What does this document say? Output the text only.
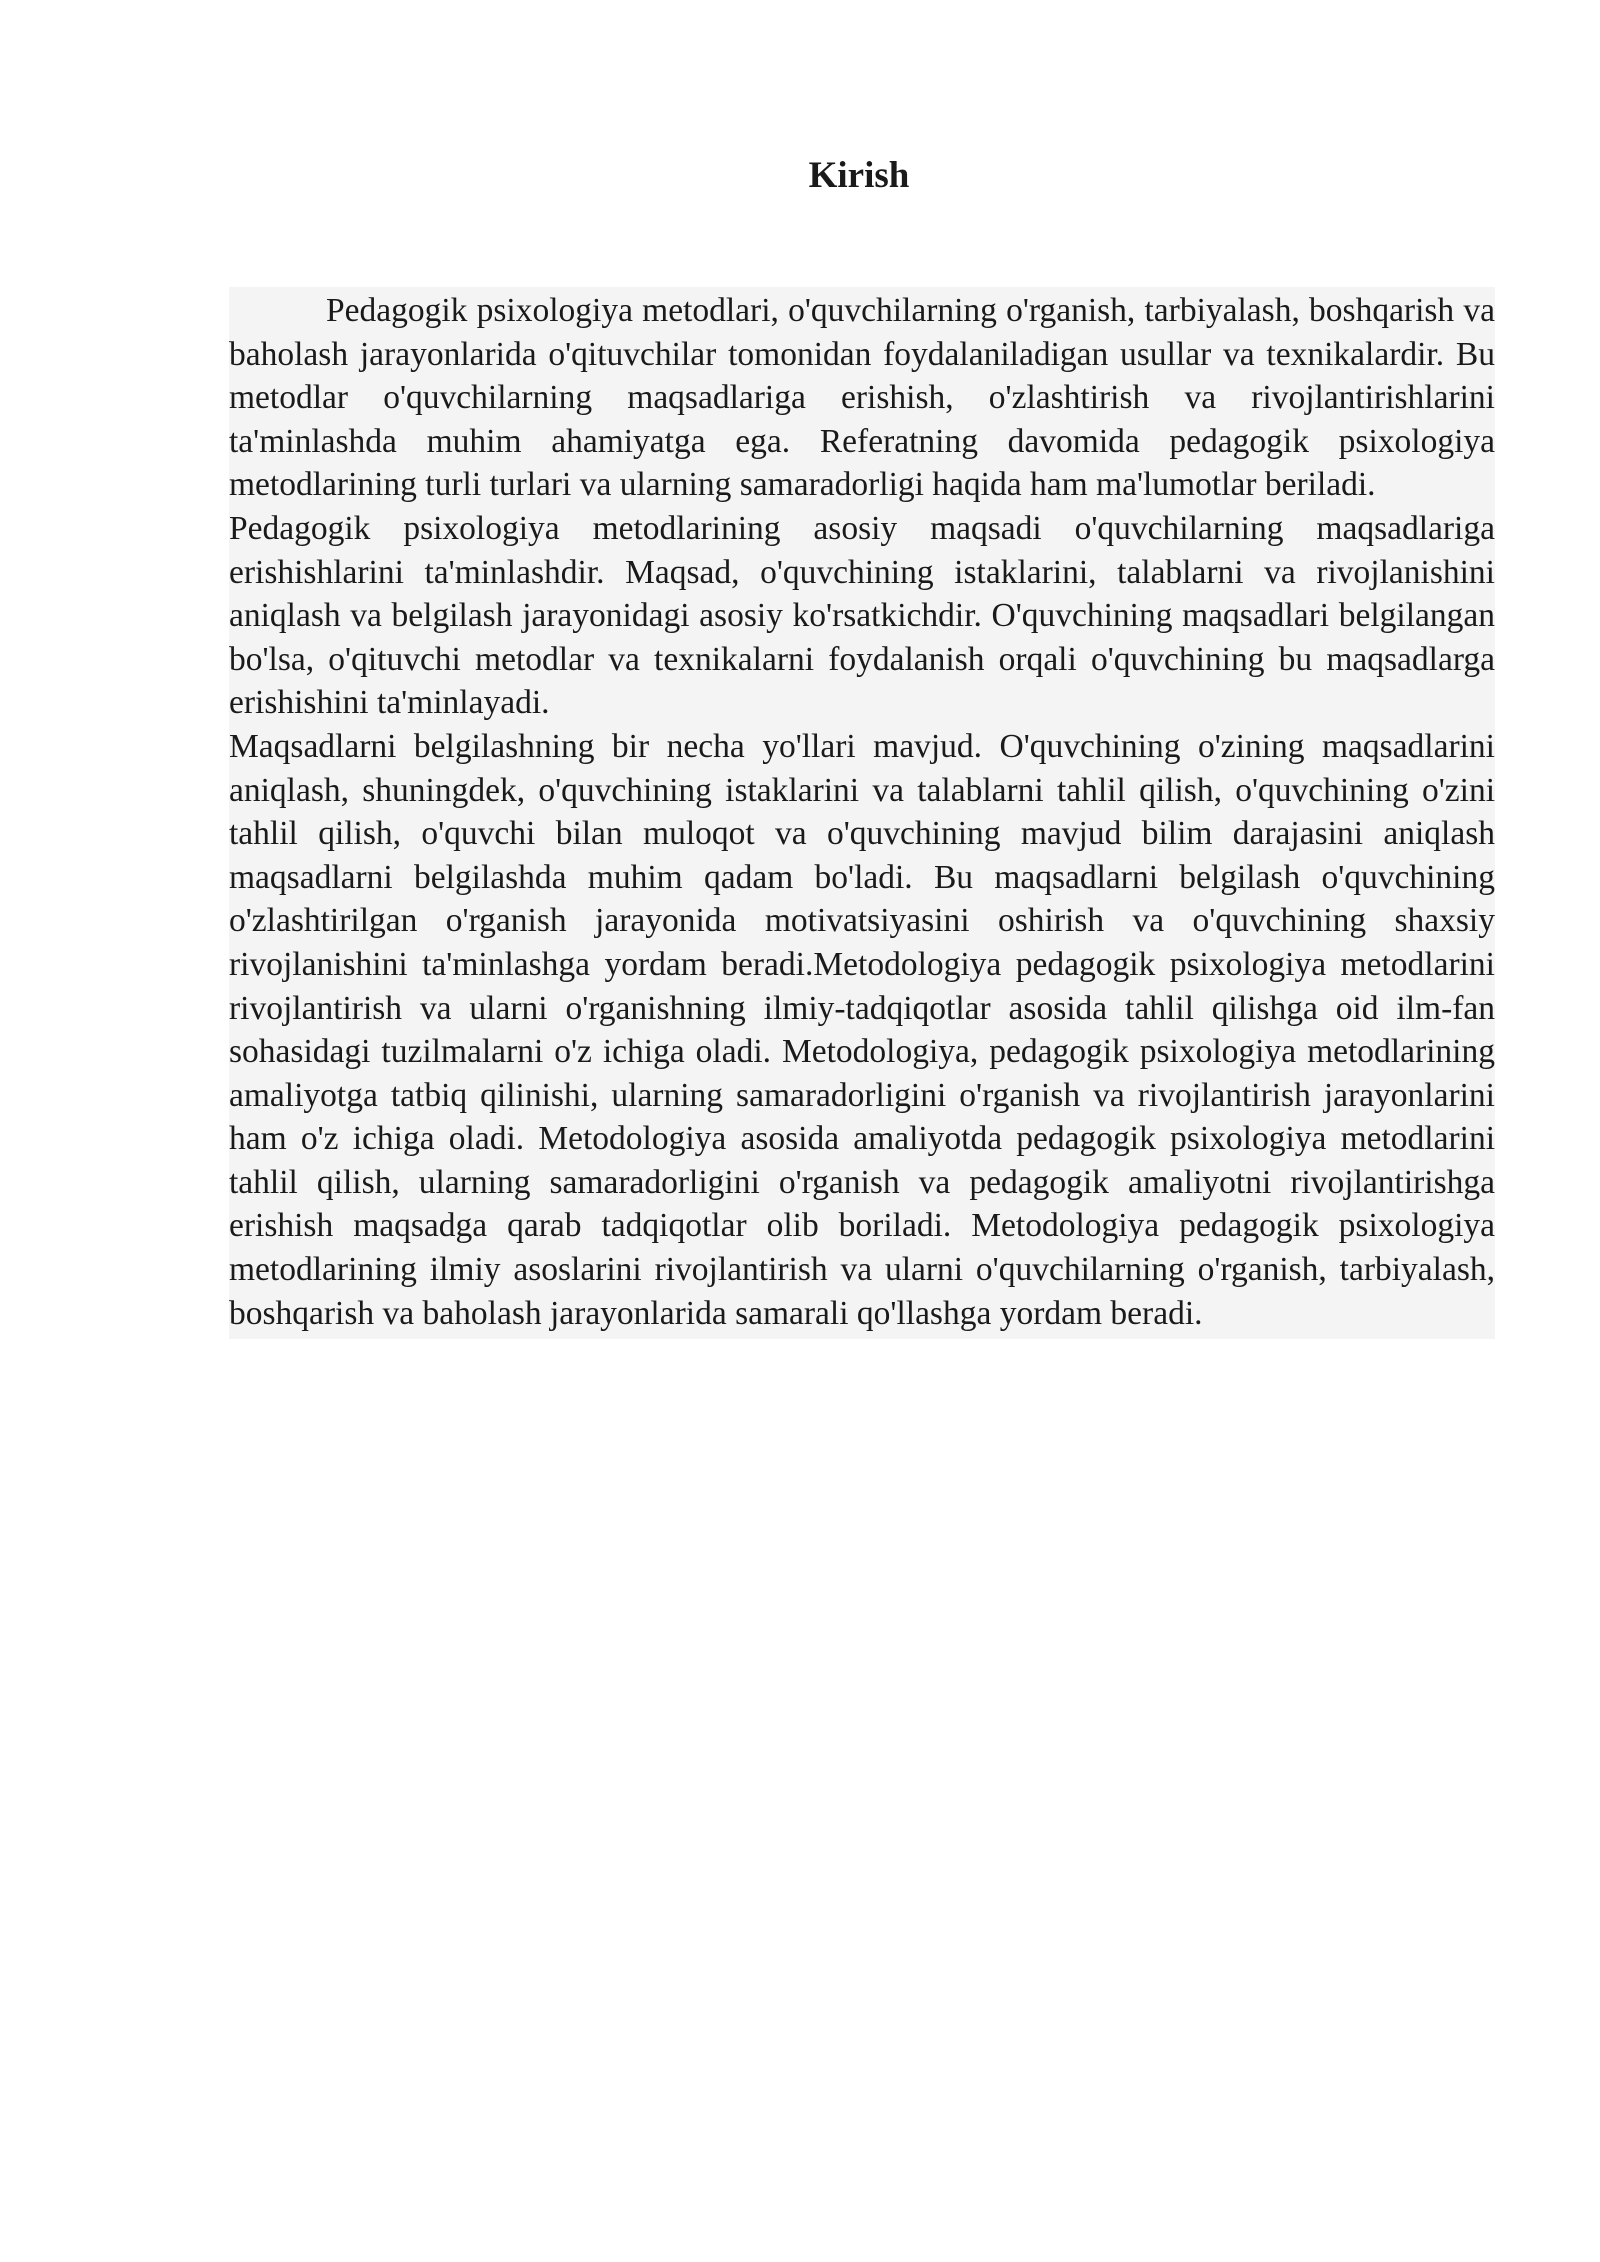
Kirish

Pedagogik psixologiya metodlari, o'quvchilarning o'rganish, tarbiyalash, boshqarish va baholash jarayonlarida o'qituvchilar tomonidan foydalaniladigan usullar va texnikalardir. Bu metodlar o'quvchilarning maqsadlariga erishish, o'zlashtirish va rivojlantirishlarini ta'minlashda muhim ahamiyatga ega. Referatning davomida pedagogik psixologiya metodlarining turli turlari va ularning samaradorligi haqida ham ma'lumotlar beriladi.

Pedagogik psixologiya metodlarining asosiy maqsadi o'quvchilarning maqsadlariga erishishlarini ta'minlashdir. Maqsad, o'quvchining istaklarini, talablarni va rivojlanishini aniqlash va belgilash jarayonidagi asosiy ko'rsatkichdir. O'quvchining maqsadlari belgilangan bo'lsa, o'qituvchi metodlar va texnikalarni foydalanish orqali o'quvchining bu maqsadlarga erishishini ta'minlayadi.

Maqsadlarni belgilashning bir necha yo'llari mavjud. O'quvchining o'zining maqsadlarini aniqlash, shuningdek, o'quvchining istaklarini va talablarni tahlil qilish, o'quvchining o'zini tahlil qilish, o'quvchi bilan muloqot va o'quvchining mavjud bilim darajasini aniqlash maqsadlarni belgilashda muhim qadam bo'ladi. Bu maqsadlarni belgilash o'quvchining o'zlashtirilgan o'rganish jarayonida motivatsiyasini oshirish va o'quvchining shaxsiy rivojlanishini ta'minlashga yordam beradi.Metodologiya pedagogik psixologiya metodlarini rivojlantirish va ularni o'rganishning ilmiy-tadqiqotlar asosida tahlil qilishga oid ilm-fan sohasidagi tuzilmalarni o'z ichiga oladi. Metodologiya, pedagogik psixologiya metodlarining amaliyotga tatbiq qilinishi, ularning samaradorligini o'rganish va rivojlantirish jarayonlarini ham o'z ichiga oladi. Metodologiya asosida amaliyotda pedagogik psixologiya metodlarini tahlil qilish, ularning samaradorligini o'rganish va pedagogik amaliyotni rivojlantirishga erishish maqsadga qarab tadqiqotlar olib boriladi. Metodologiya pedagogik psixologiya metodlarining ilmiy asoslarini rivojlantirish va ularni o'quvchilarning o'rganish, tarbiyalash, boshqarish va baholash jarayonlarida samarali qo'llashga yordam beradi.
